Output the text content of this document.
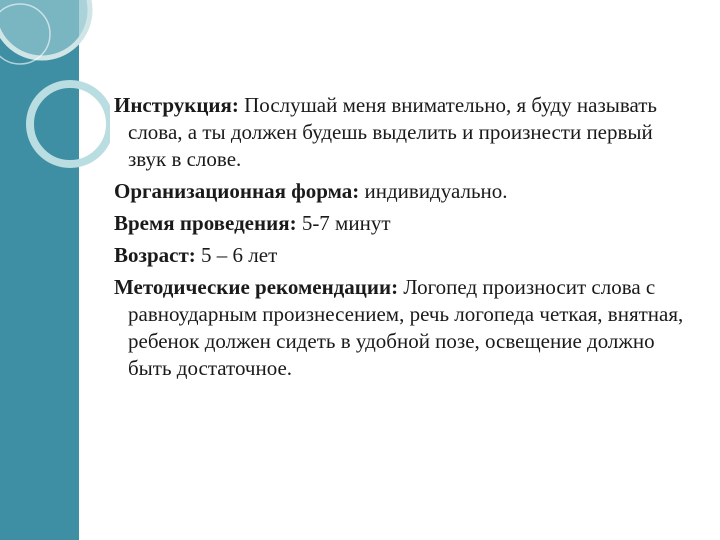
Инструкция: Послушай меня внимательно, я буду называть слова, а ты должен будешь выделить и произнести первый звук в слове.

Организационная форма: индивидуально.

Время проведения: 5-7 минут

Возраст: 5 – 6 лет

Методические рекомендации: Логопед произносит слова с равноударным произнесением, речь логопеда четкая, внятная, ребенок должен сидеть в удобной позе, освещение должно быть достаточное.
